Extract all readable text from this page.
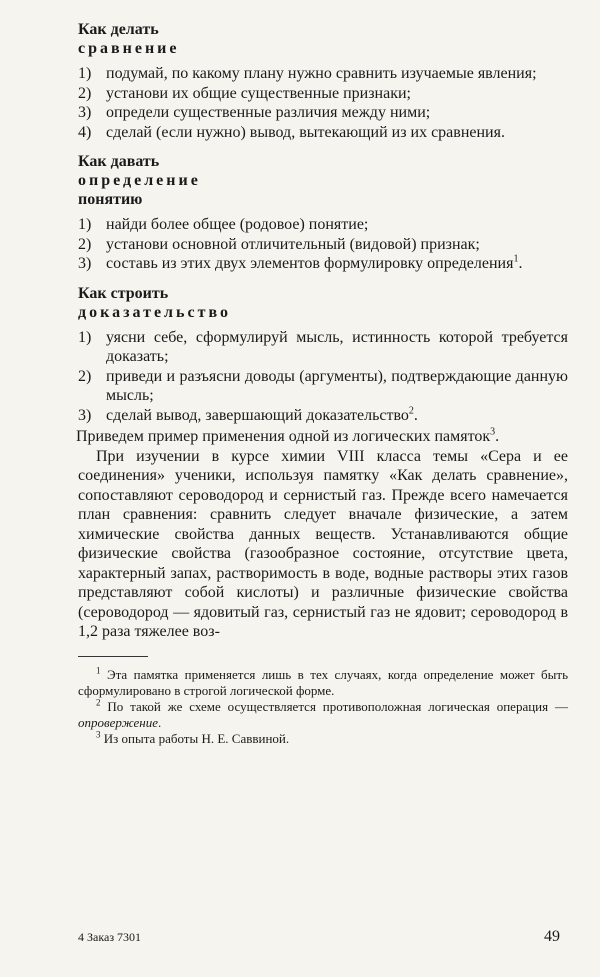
Как делать
сравнение
1) подумай, по какому плану нужно сравнить изучаемые явления;
2) установи их общие существенные признаки;
3) определи существенные различия между ними;
4) сделай (если нужно) вывод, вытекающий из их сравнения.
Как давать
определение
понятию
1) найди более общее (родовое) понятие;
2) установи основной отличительный (видовой) признак;
3) составь из этих двух элементов формулировку определения$^1$.
Как строить
доказательство
1) уясни себе, сформулируй мысль, истинность которой требуется доказать;
2) приведи и разъясни доводы (аргументы), подтверждающие данную мысль;
3) сделай вывод, завершающий доказательство$^2$.
Приведем пример применения одной из логических памяток$^3$.
При изучении в курсе химии VIII класса темы «Сера и ее соединения» ученики, используя памятку «Как делать сравнение», сопоставляют сероводород и сернистый газ. Прежде всего намечается план сравнения: сравнить следует вначале физические, а затем химические свойства данных веществ. Устанавливаются общие физические свойства (газообразное состояние, отсутствие цвета, характерный запах, растворимость в воде, водные растворы этих газов представляют собой кислоты) и различные физические свойства (сероводород — ядовитый газ, сернистый газ не ядовит; сероводород в 1,2 раза тяжелее воз-
$^1$ Эта памятка применяется лишь в тех случаях, когда определение может быть сформулировано в строгой логической форме.
$^2$ По такой же схеме осуществляется противоположная логическая операция — опровержение.
$^3$ Из опыта работы Н. Е. Саввиной.
4 Заказ 7301	49
